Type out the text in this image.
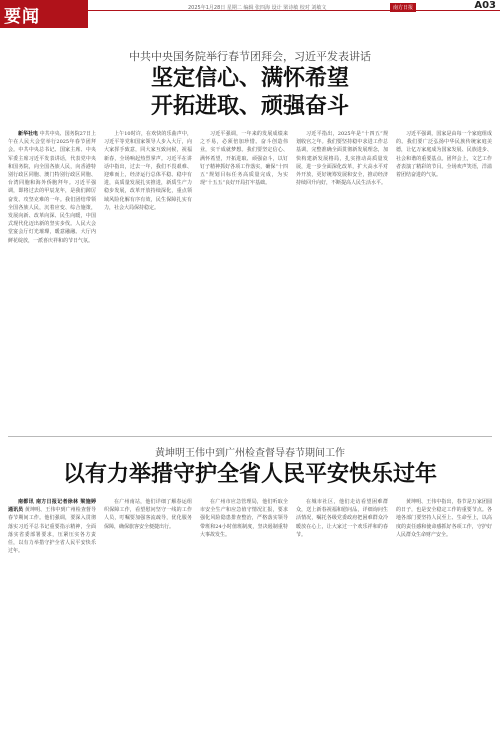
要闻	2025年1月28日 星期二 编辑 张四海 设计 梁诗敏 校对 刘敏文	南方日报	A03
中共中央国务院举行春节团拜会，习近平发表讲话
坚定信心、满怀希望
开拓进取、顽强奋斗

新华社电 中共中央、国务院27日上午在人民大会堂举行2025年春节团拜会。中共中央总书记、国家主席、中央军委主席习近平发表讲话，代表党中央和国务院，向全国各族人民，向香港特别行政区同胞、澳门特别行政区同胞、台湾同胞和海外侨胞拜年。习近平强调，即将过去的甲辰龙年，是我们踔厉奋发、攻坚克难的一年。我们团结带领全国各族人民，沉着应变、综合施策，发展向新、改革向深、民生向暖，中国式现代化迈出新的坚实步伐。人民大会堂宴会厅灯光璀璨，暖意融融。大厅内鲜花绽放，一派喜庆祥和的节日气氛。

上午10时许，在欢快的乐曲声中，习近平等党和国家领导人步入大厅，向大家挥手致意，同大家互致问候，祝福新春，全场响起热烈掌声。习近平在讲话中指出，过去一年，我们不畏艰难、迎难而上，经济运行总体平稳、稳中有进，高质量发展扎实推进，新质生产力稳步发展，改革开放持续深化，重点领域风险化解有序有效，民生保障扎实有力，社会大局保持稳定。

习近平强调，一年来的发展成绩来之不易，必须倍加珍惜。奋斗创造伟业，实干成就梦想。我们要坚定信心、满怀希望，开拓进取、顽强奋斗，以钉钉子精神抓好各项工作落实，确保“十四五”规划目标任务高质量完成，为实现“十五五”良好开局打牢基础。

习近平指出，2025年是“十四五”规划收官之年。我们要坚持稳中求进工作总基调，完整准确全面贯彻新发展理念，加快构建新发展格局，扎实推动高质量发展，进一步全面深化改革，扩大高水平对外开放，更好统筹发展和安全，推动经济持续回升向好，不断提高人民生活水平。

习近平强调，国家是由每一个家庭组成的。我们要广泛弘扬中华民族传统家庭美德，让亿万家庭成为国家发展、民族进步、社会和谐的重要基点。团拜会上，文艺工作者表演了精彩的节目。全场欢声笑语，洋溢着团结奋进的气氛。

黄坤明王伟中到广州检查督导春节期间工作
以有力举措守护全省人民平安快乐过年

南都讯 南方日报记者徐林 梁施婷 通讯员 黄坤明、王伟中到广州检查督导春节期间工作。他们强调，要深入贯彻落实习近平总书记重要指示精神，全面落实省委部署要求，压紧压实各方责任，以有力举措守护全省人民平安快乐过年。

在广州南站，他们详细了解春运组织保障工作，看望慰问坚守一线的工作人员，叮嘱要加强客流疏导，优化服务保障，确保旅客安全便捷出行。

在广州市应急管理局，他们听取全市安全生产和应急值守情况汇报，要求强化风险隐患排查整治，严格落实领导带班和24小时值班制度，坚决遏制重特大事故发生。

在城市社区，他们走访看望困难群众，送上新春祝福和慰问品，详细询问生活情况，嘱托各级党委政府把困难群众冷暖放在心上，让大家过一个欢乐祥和的春节。

黄坤明、王伟中指出，春节是万家团圆的日子，也是安全稳定工作的重要节点。各地各部门要坚持人民至上、生命至上，以高度的责任感和使命感抓好各项工作，守护好人民群众生命财产安全。
